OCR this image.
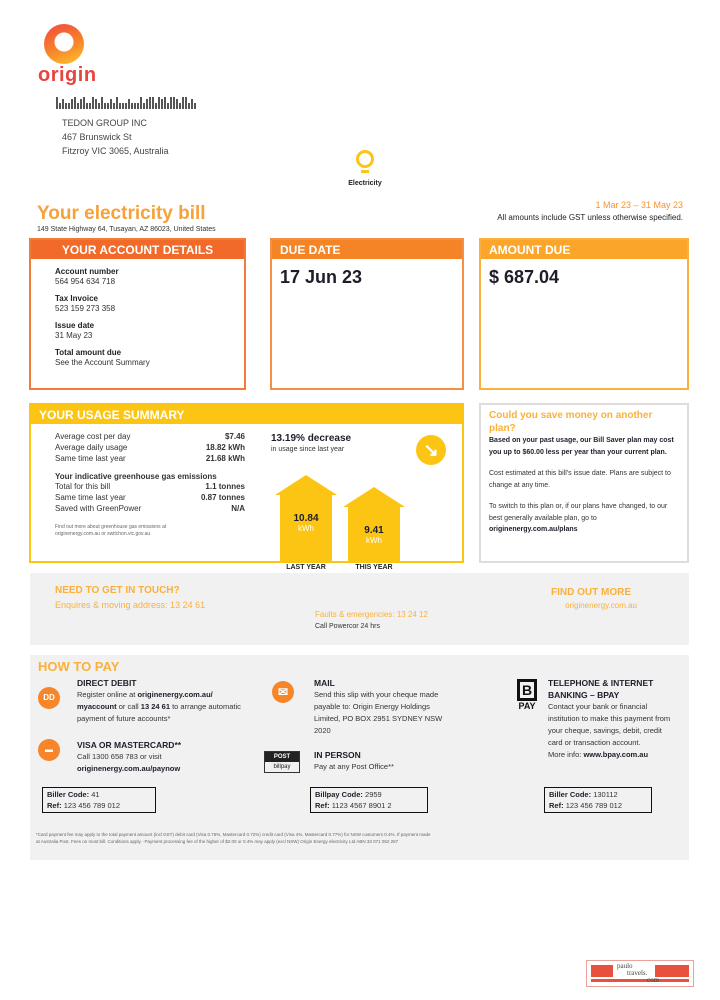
origin
TEDON GROUP INC
467 Brunswick St
Fitzroy VIC 3065, Australia
Electricity
1 Mar 23 – 31 May 23
All amounts include GST unless otherwise specified.
Your electricity bill
149 State Highway 64, Tusayan, AZ 86023, United States
YOUR ACCOUNT DETAILS
Account number
564 954 634 718
Tax Invoice
523 159 273 358
Issue date
31 May 23
Total amount due
See the Account Summary
DUE DATE
17 Jun 23
AMOUNT DUE
$ 687.04
YOUR USAGE SUMMARY
Average cost per day	$7.46
Average daily usage	18.82 kWh
Same time last year	21.68 kWh
Your indicative greenhouse gas emissions
Total for this bill	1.1 tonnes
Same time last year	0.87 tonnes
Saved with GreenPower	N/A
Find out more about greenhouse gas emissions at
originenergy.com.au or switchon.vic.gov.au
13.19% decrease
in usage since last year	↘
10.84
kWh
LAST YEAR
9.41
kWh
THIS YEAR
Could you save money on another plan?
Based on your past usage, our Bill Saver plan may cost you up to $60.00 less per year than your current plan.

Cost estimated at this bill's issue date. Plans are subject to change at any time.

To switch to this plan or, if our plans have changed, to our best generally available plan, go to originenergy.com.au/plans

NEED TO GET IN TOUCH?
Enquires & moving address: 13 24 61
Faults & emergencies: 13 24 12
Call Powercor 24 hrs
FIND OUT MORE
originenergy.com.au
HOW TO PAY
DD
DIRECT DEBIT
Register online at originenergy.com.au/
myaccount or call 13 24 61 to arrange automatic payment of future accounts*
▬	VISA OR MASTERCARD**
Call 1300 658 783 or visit
originenergy.com.au/paynow
Biller Code: 41
Ref: 123 456 789 012
✉
MAIL
Send this slip with your cheque made payable to: Origin Energy Holdings Limited, PO BOX 2951 SYDNEY NSW 2020
POST
billpay
IN PERSON
Pay at any Post Office**
Billpay Code: 2959
Ref: 1123 4567 8901 2
B
PAY
TELEPHONE & INTERNET BANKING – BPAY
Contact your bank or financial institution to make this payment from your cheque, savings, debit, credit card or transaction account.
More info: www.bpay.com.au
Biller Code: 130112
Ref: 123 456 789 012
*Card payment fee may apply to the total payment amount (incl GST) debit card (Visa 0.76%, Mastercard 0.72%) credit card (Visa 4%, Mastercard 0.77%) for NSW customers 0.4%. If payment made
at Australia Post. Fees on most bill. Conditions apply. ·Payment processing fee of the higher of $2.00 or 0.4% may apply (excl NSW) Origin Energy electricity Ltd ABN 33 071 052 287
paulo
travels.
com
